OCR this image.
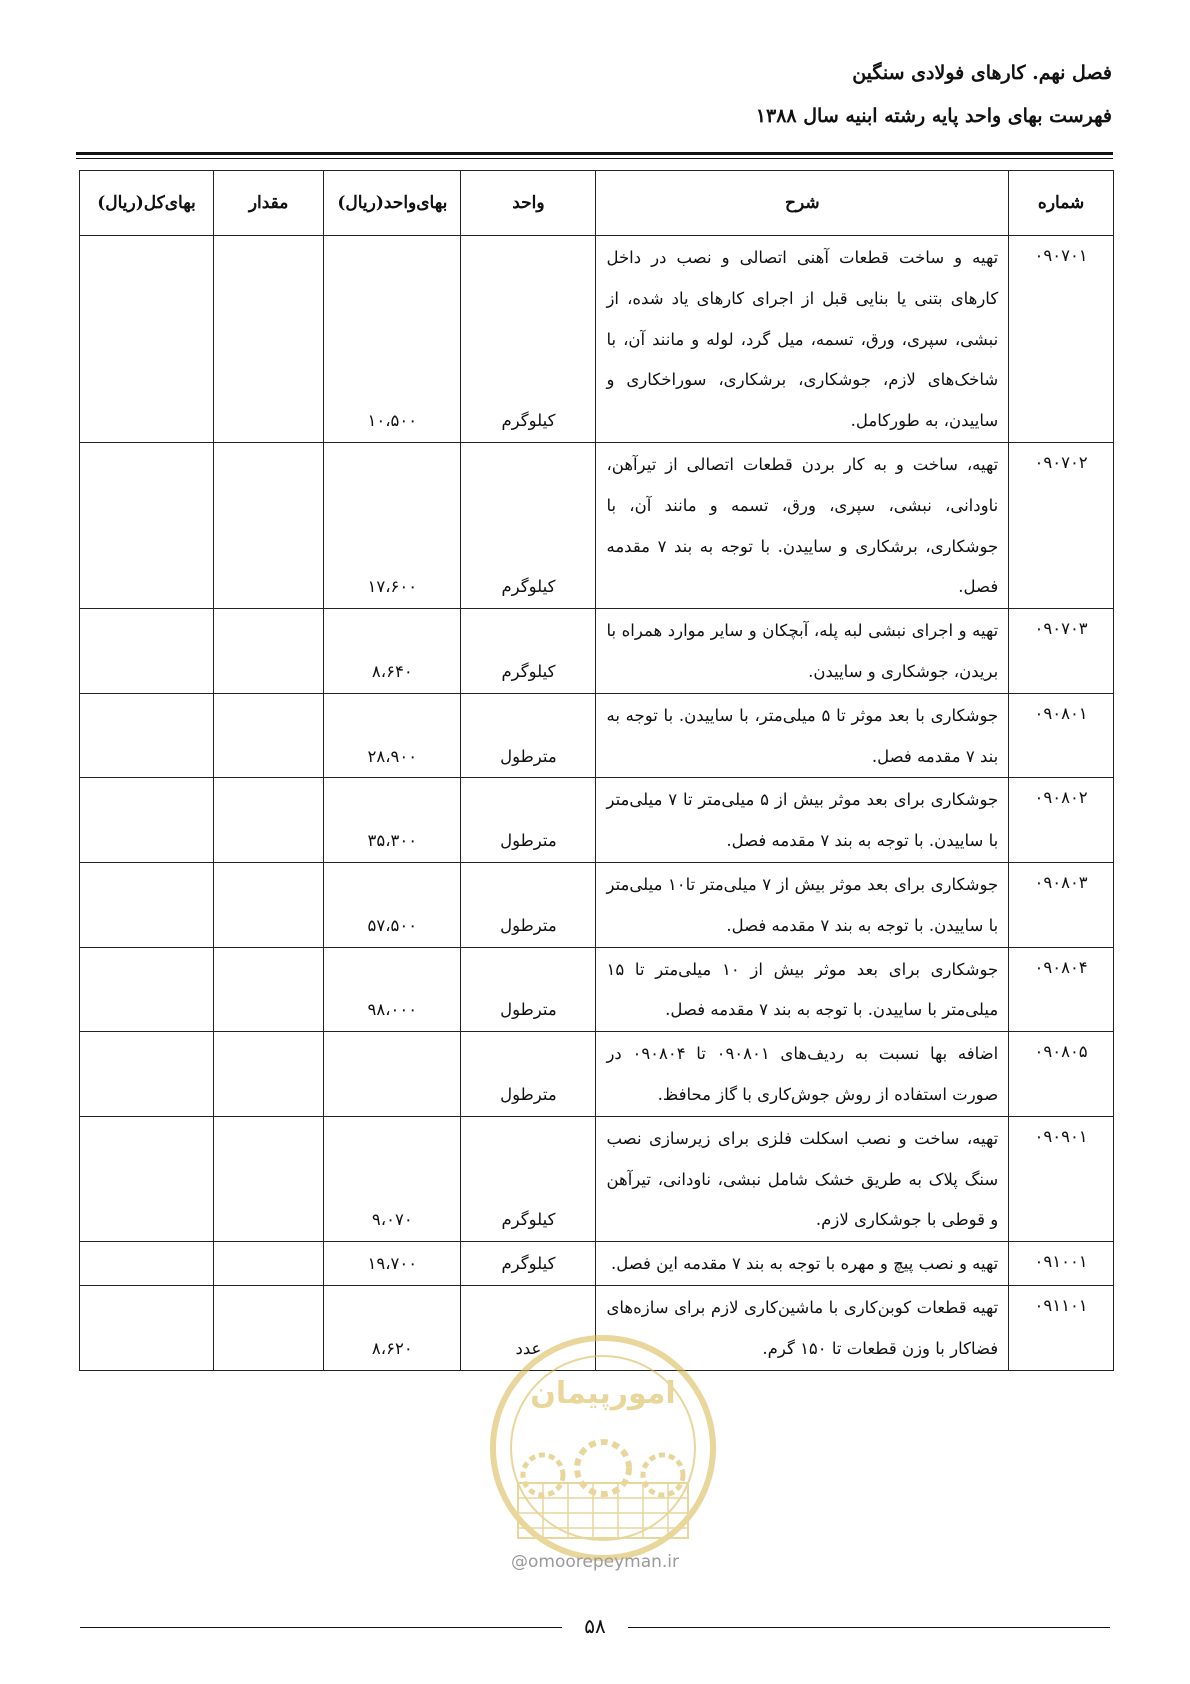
فصل نهم. کارهای فولادی سنگین
فهرست بهای واحد پایه رشته ابنیه سال ۱۳۸۸
شماره	شرح	واحد	بهای‌واحد(ریال)	مقدار	بهای‌کل(ریال)
۰۹۰۷۰۱	تهیه و ساخت قطعات آهنی اتصالی و نصب در داخل کارهای بتنی یا بنایی قبل از اجرای کارهای یاد شده، از نبشی، سپری، ورق، تسمه، میل گرد، لوله و مانند آن، با شاخک‌های لازم، جوشکاری، برشکاری، سوراخکاری و ساییدن، به طورکامل.	کیلوگرم	۱۰،۵۰۰		
۰۹۰۷۰۲	تهیه، ساخت و به کار بردن قطعات اتصالی از تیرآهن، ناودانی، نبشی، سپری، ورق، تسمه و مانند آن، با جوشکاری، برشکاری و ساییدن. با توجه به بند ۷ مقدمه فصل.	کیلوگرم	۱۷،۶۰۰		
۰۹۰۷۰۳	تهیه و اجرای نبشی لبه پله، آبچکان و سایر موارد همراه با بریدن، جوشکاری و ساییدن.	کیلوگرم	۸،۶۴۰		
۰۹۰۸۰۱	جوشکاری با بعد موثر تا ۵ میلی‌متر، با ساییدن. با توجه به بند ۷ مقدمه فصل.	مترطول	۲۸،۹۰۰		
۰۹۰۸۰۲	جوشکاری برای بعد موثر بیش از ۵ میلی‌متر تا ۷ میلی‌متر با ساییدن. با توجه به بند ۷ مقدمه فصل.	مترطول	۳۵،۳۰۰		
۰۹۰۸۰۳	جوشکاری برای بعد موثر بیش از ۷ میلی‌متر تا۱۰ میلی‌متر با ساییدن. با توجه به بند ۷ مقدمه فصل.	مترطول	۵۷،۵۰۰		
۰۹۰۸۰۴	جوشکاری برای بعد موثر بیش از ۱۰ میلی‌متر تا ۱۵ میلی‌متر با ساییدن. با توجه به بند ۷ مقدمه فصل.	مترطول	۹۸،۰۰۰		
۰۹۰۸۰۵	اضافه بها نسبت به ردیف‌های ۰۹۰۸۰۱ تا ۰۹۰۸۰۴ در صورت استفاده از روش جوش‌کاری با گاز محافظ.	مترطول			
۰۹۰۹۰۱	تهیه، ساخت و نصب اسکلت فلزی برای زیرسازی نصب سنگ پلاک به طریق خشک شامل نبشی، ناودانی، تیرآهن و قوطی با جوشکاری لازم.	کیلوگرم	۹،۰۷۰		
۰۹۱۰۰۱	تهیه و نصب پیچ و مهره با توجه به بند ۷ مقدمه این فصل.	کیلوگرم	۱۹،۷۰۰		
۰۹۱۱۰۱	تهیه قطعات کوبن‌کاری با ماشین‌کاری لازم برای سازه‌های فضاکار با وزن قطعات تا ۱۵۰ گرم.	عدد	۸،۶۲۰		
امورپیمان
@omoorepeyman.ir
۵۸
